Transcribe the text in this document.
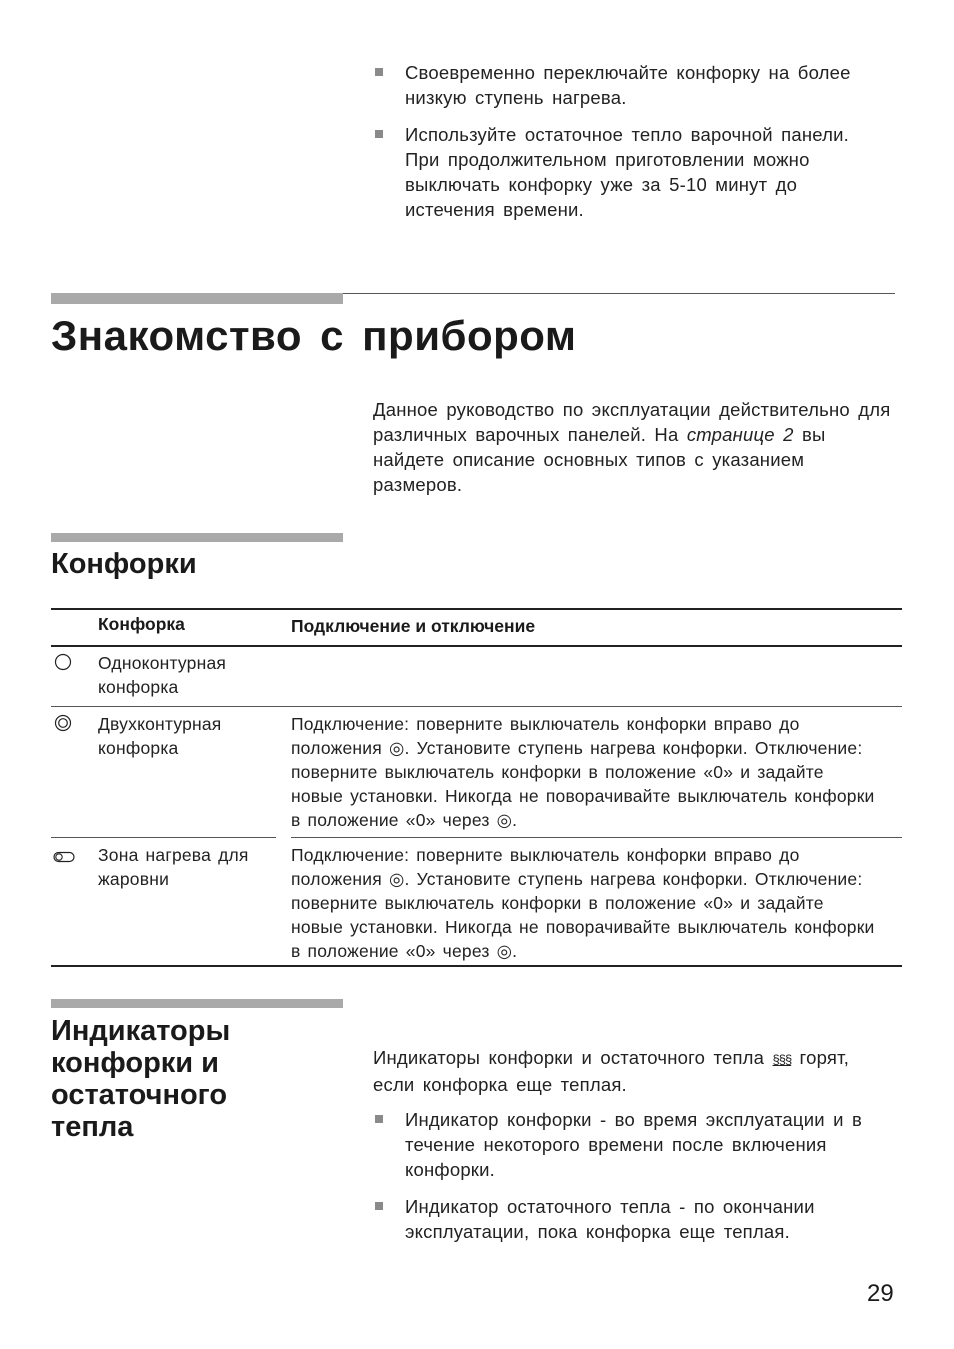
Своевременно переключайте конфорку на более низкую ступень нагрева.
Используйте остаточное тепло варочной панели. При продолжительном приготовлении можно выключать конфорку уже за 5-10 минут до истечения времени.
Знакомство с прибором

Данное руководство по эксплуатации действительно для различных варочных панелей. На странице 2 вы найдете описание основных типов с указанием размеров.

Конфорки
Конфорка	Подключение и отключение
Одноконтурная конфорка
Двухконтурная конфорка
Подключение: поверните выключатель конфорки вправо до положения ◎. Установите ступень нагрева конфорки. Отключение: поверните выключатель конфорки в положение «0» и задайте новые установки. Никогда не поворачивайте выключатель конфорки в положение «0» через ◎.
Зона нагрева для жаровни
Подключение: поверните выключатель конфорки вправо до положения ◎. Установите ступень нагрева конфорки. Отключение: поверните выключатель конфорки в положение «0» и задайте новые установки. Никогда не поворачивайте выключатель конфорки в положение «0» через ◎.
Индикаторы
конфорки и
остаточного
тепла

Индикаторы конфорки и остаточного тепла §§§ горят, если конфорка еще теплая.

Индикатор конфорки - во время эксплуатации и в течение некоторого времени после включения конфорки.
Индикатор остаточного тепла - по окончании эксплуатации, пока конфорка еще теплая.
29
